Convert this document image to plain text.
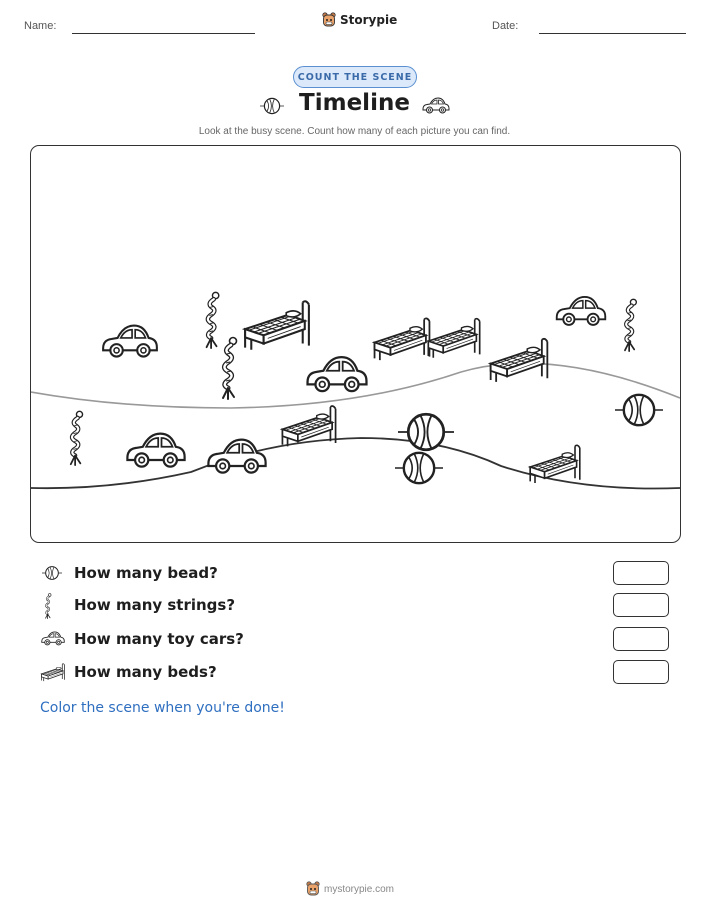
Name:	Storypie	Date:
COUNT THE SCENE
Timeline
Look at the busy scene. Count how many of each picture you can find.
How many bead?
How many strings?
How many toy cars?
How many beds?
Color the scene when you're done!
mystorypie.com
